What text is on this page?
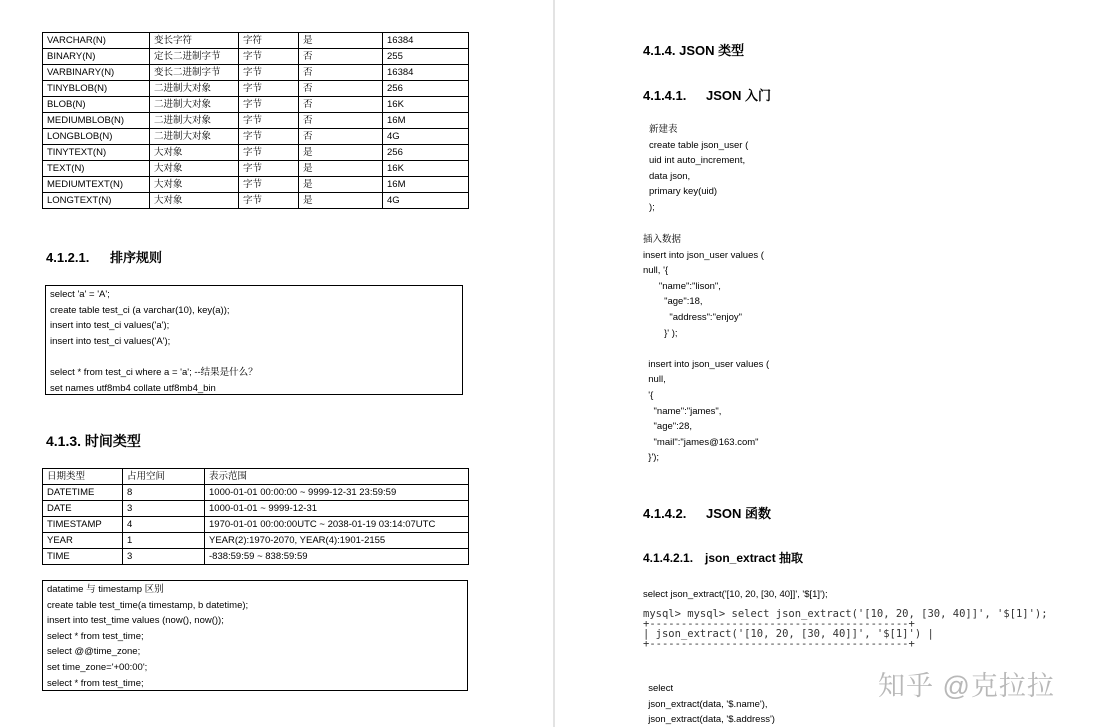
VARCHAR(N)	变长字符	字符	是	16384
BINARY(N)	定长二进制字节	字节	否	255
VARBINARY(N)	变长二进制字节	字节	否	16384
TINYBLOB(N)	二进制大对象	字节	否	256
BLOB(N)	二进制大对象	字节	否	16K
MEDIUMBLOB(N)	二进制大对象	字节	否	16M
LONGBLOB(N)	二进制大对象	字节	否	4G
TINYTEXT(N)	大对象	字节	是	256
TEXT(N)	大对象	字节	是	16K
MEDIUMTEXT(N)	大对象	字节	是	16M
LONGTEXT(N)	大对象	字节	是	4G
4.1.2.1. 排序规则
select 'a' = 'A';
create table test_ci (a varchar(10), key(a));
insert into test_ci values('a');
insert into test_ci values('A');
select * from test_ci where a = 'a'; --结果是什么？
set names utf8mb4 collate utf8mb4_bin
4.1.3. 时间类型
日期类型	占用空间	表示范围
DATETIME	8	1000-01-01 00:00:00 ~ 9999-12-31 23:59:59
DATE	3	1000-01-01 ~ 9999-12-31
TIMESTAMP	4	1970-01-01 00:00:00UTC ~ 2038-01-19 03:14:07UTC
YEAR	1	YEAR(2):1970-2070, YEAR(4):1901-2155
TIME	3	-838:59:59 ~ 838:59:59
datatime 与 timestamp 区别
create table test_time(a timestamp, b datetime);
insert into test_time values (now(), now());
select * from test_time;
select @@time_zone;
set time_zone='+00:00';
select * from test_time;
4.1.4. JSON 类型
4.1.4.1. JSON 入门
新建表
create table json_user (
uid int auto_increment,
data json,
primary key(uid)
);
插入数据
insert into json_user values (
null, '{
"name":"lison",
"age":18,
"address":"enjoy"
}' );
insert into json_user values (
null,
'{
"name":"james",
"age":28,
"mail":"james@163.com"
}');
4.1.4.2. JSON 函数
4.1.4.2.1. json_extract 抽取
select json_extract('[10, 20, [30, 40]]', '$[1]');
mysql> mysql> select json_extract('[10, 20, [30, 40]]', '$[1]');
+-----------------------------------------+
| json_extract('[10, 20, [30, 40]]', '$[1]') |
+-----------------------------------------+
select
json_extract(data, '$.name'),
json_extract(data, '$.address')
知乎 @克拉拉
